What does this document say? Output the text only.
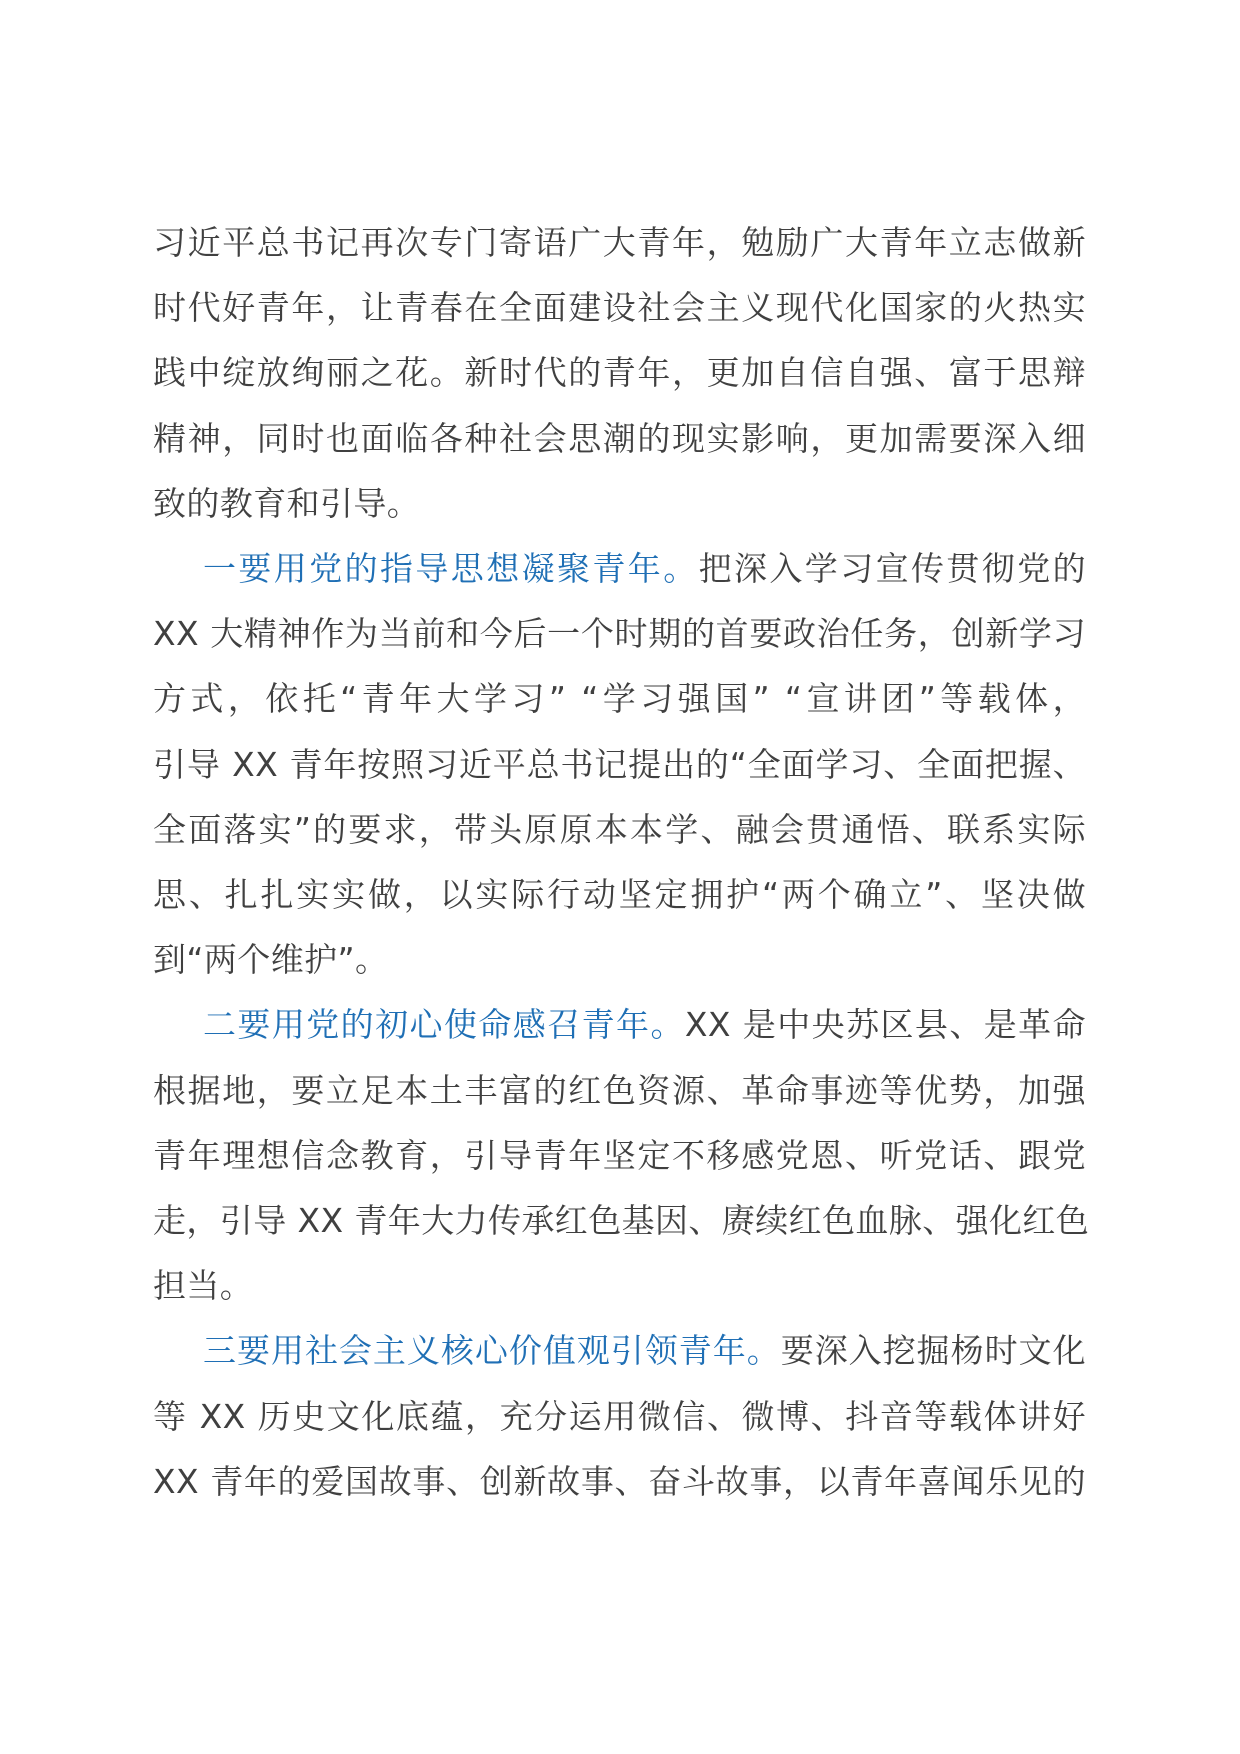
习近平总书记再次专门寄语广大青年，勉励广大青年立志做新
时代好青年，让青春在全面建设社会主义现代化国家的火热实
践中绽放绚丽之花。新时代的青年，更加自信自强、富于思辩
精神，同时也面临各种社会思潮的现实影响，更加需要深入细
致的教育和引导。

一要用党的指导思想凝聚青年。把深入学习宣传贯彻党的
XX 大精神作为当前和今后一个时期的首要政治任务，创新学习
方式，依托“青年大学习” “学习强国” “宣讲团”等载体，
引导 XX 青年按照习近平总书记提出的“全面学习、全面把握、
全面落实”的要求，带头原原本本学、融会贯通悟、联系实际
思、扎扎实实做，以实际行动坚定拥护“两个确立”、坚决做
到“两个维护”。

二要用党的初心使命感召青年。XX 是中央苏区县、是革命
根据地，要立足本土丰富的红色资源、革命事迹等优势，加强
青年理想信念教育，引导青年坚定不移感党恩、听党话、跟党
走，引导 XX 青年大力传承红色基因、赓续红色血脉、强化红色
担当。

三要用社会主义核心价值观引领青年。要深入挖掘杨时文化
等 XX 历史文化底蕴，充分运用微信、微博、抖音等载体讲好
XX 青年的爱国故事、创新故事、奋斗故事，以青年喜闻乐见的
